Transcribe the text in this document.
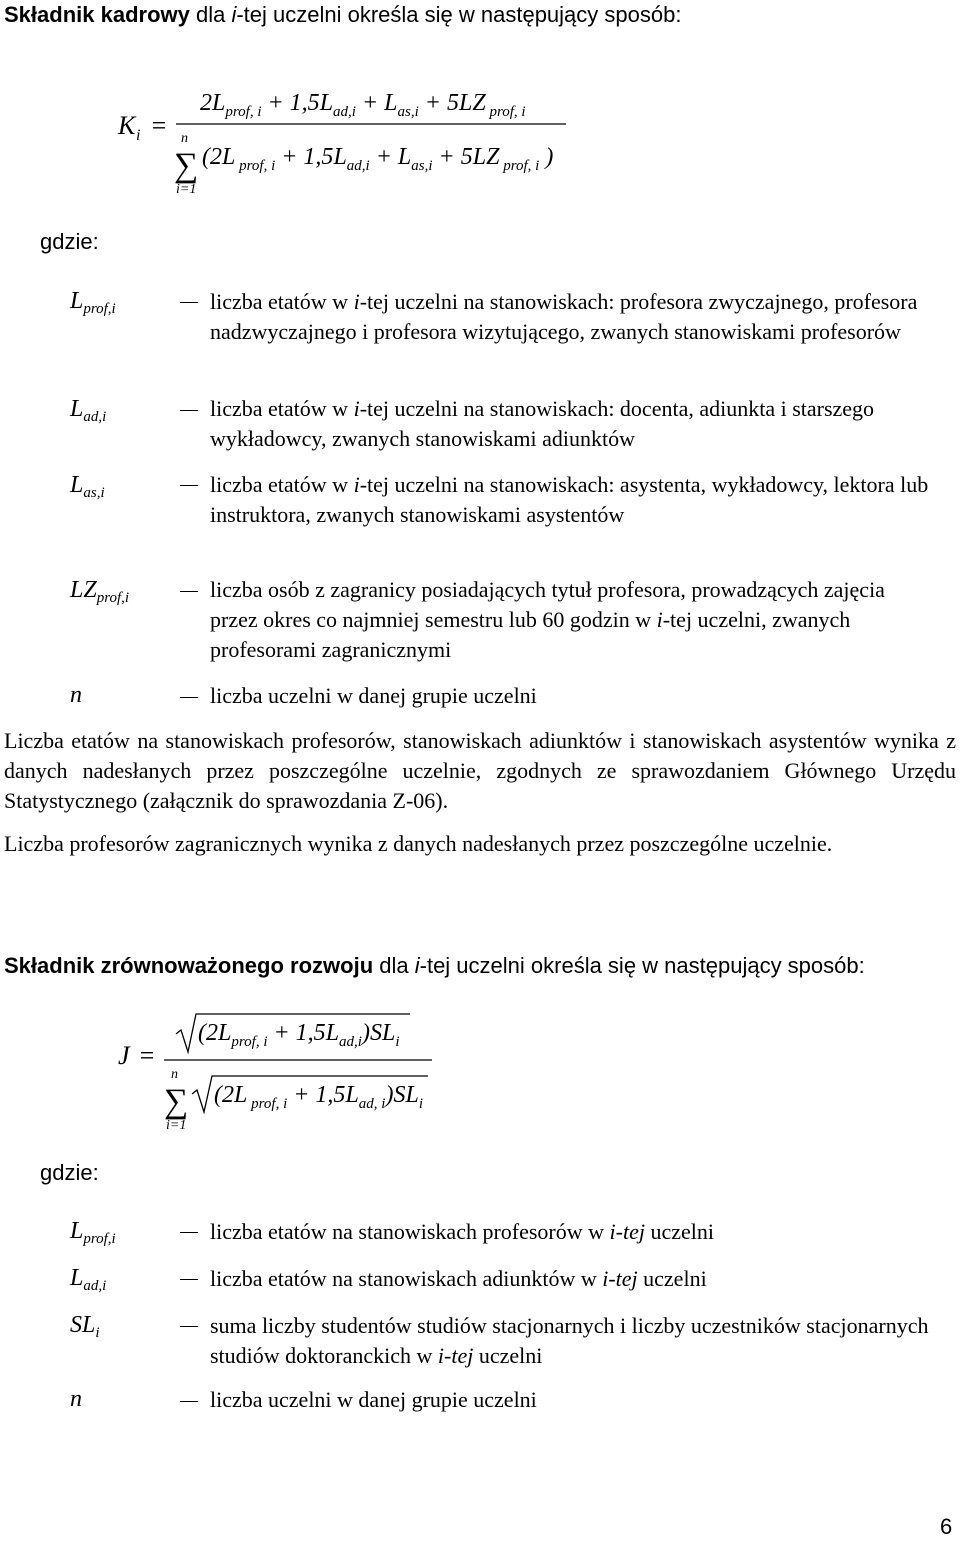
Składnik kadrowy dla i-tej uczelni określa się w następujący sposób:
K i =
$2L_{prof}$, $i + 1,5L_{ad},i + L_{as},i + 5LZ$ $_{prof}$, i
n
∑
i=1
(2L $_{prof}$, $i + 1,5L_{ad},i + L_{as},i + 5LZ$ $_{prof}$, i )
gdzie:
$L_{prof,i}$	liczba etatów w i-tej uczelni na stanowiskach: profesora zwyczajnego, profesora nadzwyczajnego i profesora wizytującego, zwanych stanowiskami profesorów
$L_{ad,i}$	liczba etatów w i-tej uczelni na stanowiskach: docenta, adiunkta i starszego wykładowcy, zwanych stanowiskami adiunktów
$L_{as,i}$	liczba etatów w i-tej uczelni na stanowiskach: asystenta, wykładowcy, lektora lub instruktora, zwanych stanowiskami asystentów
$LZ_{prof,i}$	liczba osób z zagranicy posiadających tytuł profesora, prowadzących zajęcia przez okres co najmniej semestru lub 60 godzin w i-tej uczelni, zwanych profesorami zagranicznymi
n	liczba uczelni w danej grupie uczelni
Liczba etatów na stanowiskach profesorów, stanowiskach adiunktów i stanowiskach asystentów wynika z danych nadesłanych przez poszczególne uczelnie, zgodnych ze sprawozdaniem Głównego Urzędu Statystycznego (załącznik do sprawozdania Z-06).
Liczba profesorów zagranicznych wynika z danych nadesłanych przez poszczególne uczelnie.
Składnik zrównoważonego rozwoju dla i-tej uczelni określa się w następujący sposób:
J =
($2L_{prof}$, $i + 1,5L_{ad},i)SL_i$
n
∑
i=1
(2L $_{prof}$, $i + 1,5L_{ad}$, $i)SL_i$
gdzie:
$L_{prof,i}$	liczba etatów na stanowiskach profesorów w i-tej uczelni
$L_{ad,i}$	liczba etatów na stanowiskach adiunktów w i-tej uczelni
$SL_i$	suma liczby studentów studiów stacjonarnych i liczby uczestników stacjonarnych studiów doktoranckich w i-tej uczelni
n	liczba uczelni w danej grupie uczelni
6
